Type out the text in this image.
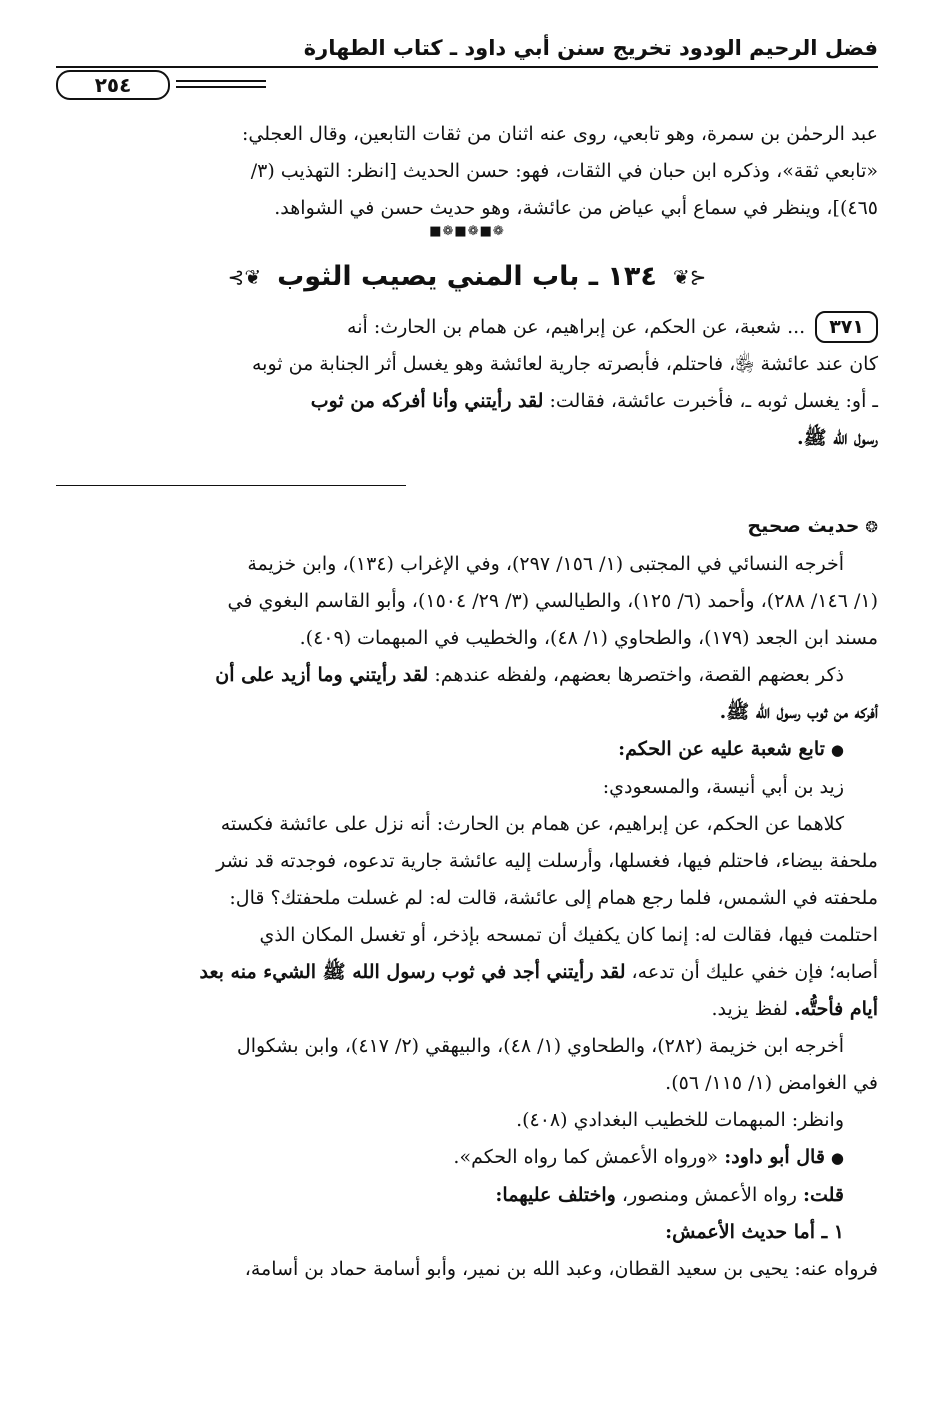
فضل الرحيم الودود تخريج سنن أبي داود ـ كتاب الطهارة
٢٥٤

عبد الرحمٰن بن سمرة، وهو تابعي، روى عنه اثنان من ثقات التابعين، وقال العجلي:

«تابعي ثقة»، وذكره ابن حبان في الثقات، فهو: حسن الحديث [انظر: التهذيب (٣/

٤٦٥)]، وينظر في سماع أبي عياض من عائشة، وهو حديث حسن في الشواهد.

❁■❁■❁■
⊰❦
١٣٤ ـ باب المني يصيب الثوب
❦⊱

٣٧١... شعبة، عن الحكم، عن إبراهيم، عن همام بن الحارث: أنه

كان عند عائشة ﵂، فاحتلم، فأبصرته جارية لعائشة وهو يغسل أثر الجنابة من ثوبه

ـ أو: يغسل ثوبه ـ، فأخبرت عائشة، فقالت: لقد رأيتني وأنا أفركه من ثوب

رسول الله ﷺ.

❂حديث صحيح

أخرجه النسائي في المجتبى (١/ ١٥٦/ ٢٩٧)، وفي الإغراب (١٣٤)، وابن خزيمة

(١/ ١٤٦/ ٢٨٨)، وأحمد (٦/ ١٢٥)، والطيالسي (٣/ ٢٩/ ١٥٠٤)، وأبو القاسم البغوي في

مسند ابن الجعد (١٧٩)، والطحاوي (١/ ٤٨)، والخطيب في المبهمات (٤٠٩).

ذكر بعضهم القصة، واختصرها بعضهم، ولفظه عندهم: لقد رأيتني وما أزيد على أن

أفركه من ثوب رسول الله ﷺ.

●تابع شعبة عليه عن الحكم:

زيد بن أبي أنيسة، والمسعودي:

كلاهما عن الحكم، عن إبراهيم، عن همام بن الحارث: أنه نزل على عائشة فكسته

ملحفة بيضاء، فاحتلم فيها، فغسلها، وأرسلت إليه عائشة جارية تدعوه، فوجدته قد نشر

ملحفته في الشمس، فلما رجع همام إلى عائشة، قالت له: لم غسلت ملحفتك؟ قال:

احتلمت فيها، فقالت له: إنما كان يكفيك أن تمسحه بإذخر، أو تغسل المكان الذي

أصابه؛ فإن خفي عليك أن تدعه، لقد رأيتني أجد في ثوب رسول الله ﷺ الشيء منه بعد

أيام فأحتُّه. لفظ يزيد.

أخرجه ابن خزيمة (٢٨٢)، والطحاوي (١/ ٤٨)، والبيهقي (٢/ ٤١٧)، وابن بشكوال

في الغوامض (١/ ١١٥/ ٥٦).

وانظر: المبهمات للخطيب البغدادي (٤٠٨).

●قال أبو داود: «ورواه الأعمش كما رواه الحكم».

قلت: رواه الأعمش ومنصور، واختلف عليهما:

١ ـ أما حديث الأعمش:

فرواه عنه: يحيى بن سعيد القطان، وعبد الله بن نمير، وأبو أسامة حماد بن أسامة،
